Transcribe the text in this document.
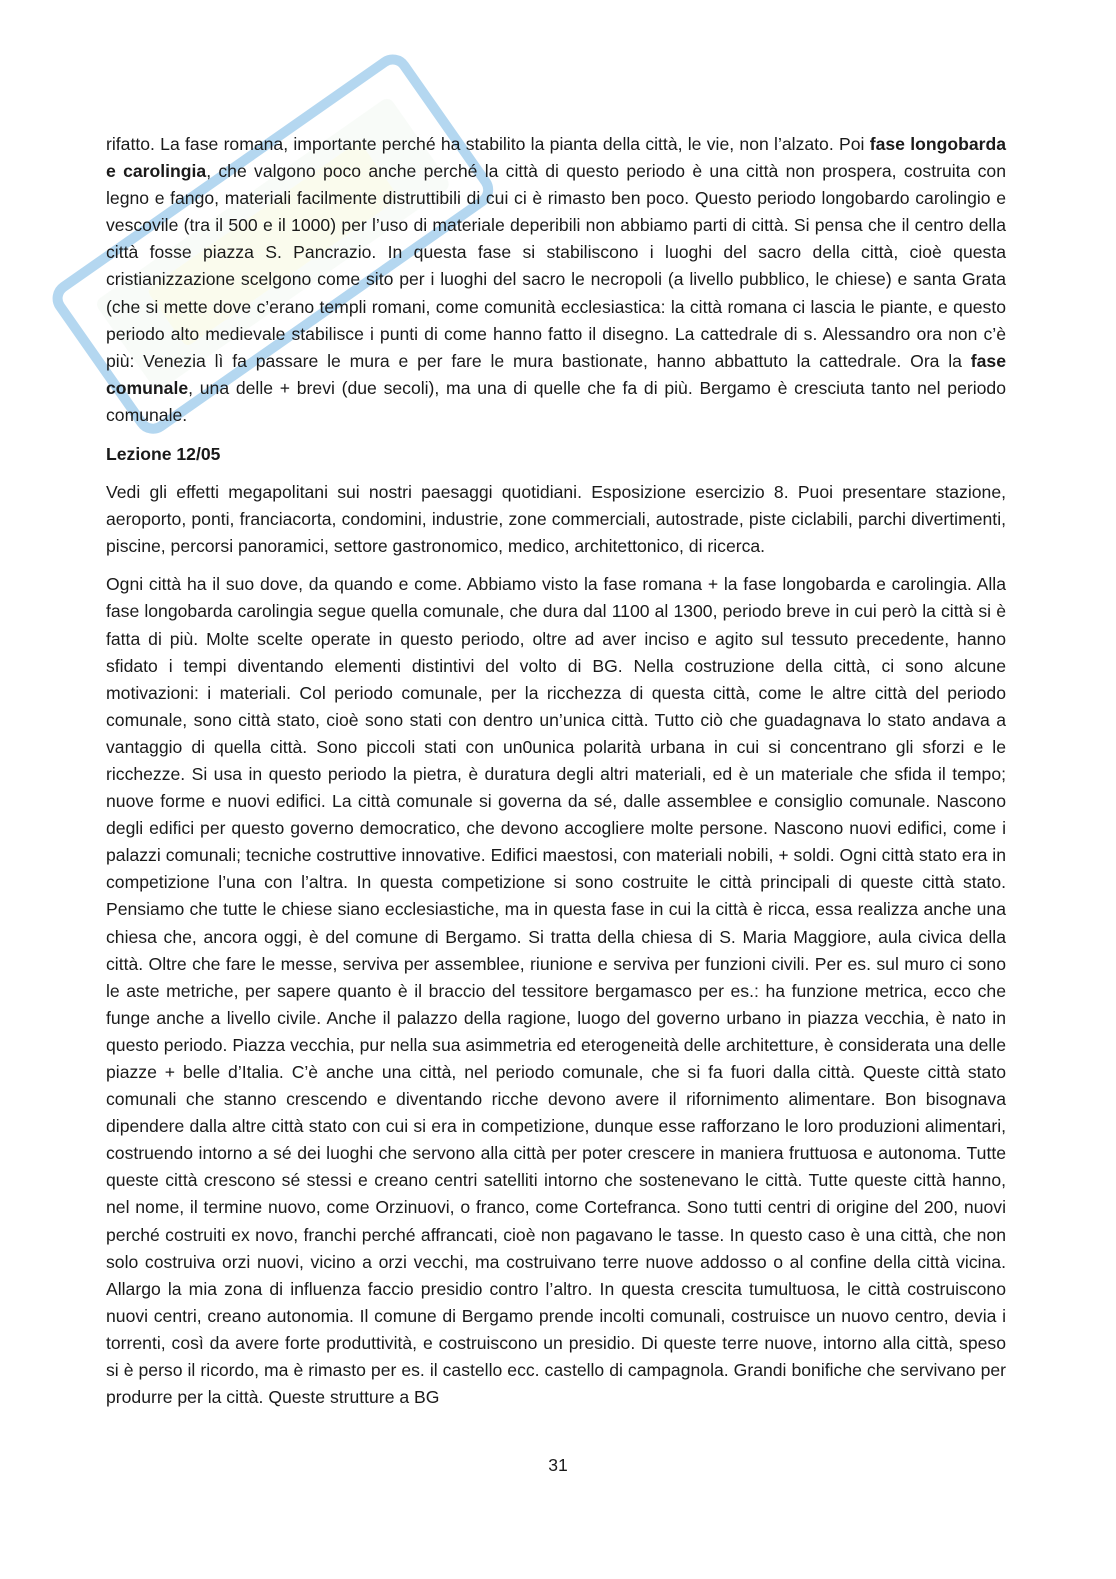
rifatto. La fase romana, importante perché ha stabilito la pianta della città, le vie, non l’alzato. Poi fase longobarda e carolingia, che valgono poco anche perché la città di questo periodo è una città non prospera, costruita con legno e fango, materiali facilmente distruttibili di cui ci è rimasto ben poco. Questo periodo longobardo carolingio e vescovile (tra il 500 e il 1000) per l’uso di materiale deperibili non abbiamo parti di città. Si pensa che il centro della città fosse piazza S. Pancrazio. In questa fase si stabiliscono i luoghi del sacro della città, cioè questa cristianizzazione scelgono come sito per i luoghi del sacro le necropoli (a livello pubblico, le chiese) e santa Grata (che si mette dove c’erano templi romani, come comunità ecclesiastica: la città romana ci lascia le piante, e questo periodo alto medievale stabilisce i punti di come hanno fatto il disegno. La cattedrale di s. Alessandro ora non c’è più: Venezia lì fa passare le mura e per fare le mura bastionate, hanno abbattuto la cattedrale. Ora la fase comunale, una delle + brevi (due secoli), ma una di quelle che fa di più. Bergamo è cresciuta tanto nel periodo comunale.

Lezione 12/05

Vedi gli effetti megapolitani sui nostri paesaggi quotidiani. Esposizione esercizio 8. Puoi presentare stazione, aeroporto, ponti, franciacorta, condomini, industrie, zone commerciali, autostrade, piste ciclabili, parchi divertimenti, piscine, percorsi panoramici, settore gastronomico, medico, architettonico, di ricerca.

Ogni città ha il suo dove, da quando e come. Abbiamo visto la fase romana + la fase longobarda e carolingia. Alla fase longobarda carolingia segue quella comunale, che dura dal 1100 al 1300, periodo breve in cui però la città si è fatta di più. Molte scelte operate in questo periodo, oltre ad aver inciso e agito sul tessuto precedente, hanno sfidato i tempi diventando elementi distintivi del volto di BG. Nella costruzione della città, ci sono alcune motivazioni: i materiali. Col periodo comunale, per la ricchezza di questa città, come le altre città del periodo comunale, sono città stato, cioè sono stati con dentro un’unica città. Tutto ciò che guadagnava lo stato andava a vantaggio di quella città. Sono piccoli stati con un0unica polarità urbana in cui si concentrano gli sforzi e le ricchezze. Si usa in questo periodo la pietra, è duratura degli altri materiali, ed è un materiale che sfida il tempo; nuove forme e nuovi edifici. La città comunale si governa da sé, dalle assemblee e consiglio comunale. Nascono degli edifici per questo governo democratico, che devono accogliere molte persone. Nascono nuovi edifici, come i palazzi comunali; tecniche costruttive innovative. Edifici maestosi, con materiali nobili, + soldi. Ogni città stato era in competizione l’una con l’altra. In questa competizione si sono costruite le città principali di queste città stato. Pensiamo che tutte le chiese siano ecclesiastiche, ma in questa fase in cui la città è ricca, essa realizza anche una chiesa che, ancora oggi, è del comune di Bergamo. Si tratta della chiesa di S. Maria Maggiore, aula civica della città. Oltre che fare le messe, serviva per assemblee, riunione e serviva per funzioni civili. Per es. sul muro ci sono le aste metriche, per sapere quanto è il braccio del tessitore bergamasco per es.: ha funzione metrica, ecco che funge anche a livello civile. Anche il palazzo della ragione, luogo del governo urbano in piazza vecchia, è nato in questo periodo. Piazza vecchia, pur nella sua asimmetria ed eterogeneità delle architetture, è considerata una delle piazze + belle d’Italia. C’è anche una città, nel periodo comunale, che si fa fuori dalla città. Queste città stato comunali che stanno crescendo e diventando ricche devono avere il rifornimento alimentare. Bon bisognava dipendere dalla altre città stato con cui si era in competizione, dunque esse rafforzano le loro produzioni alimentari, costruendo intorno a sé dei luoghi che servono alla città per poter crescere in maniera fruttuosa e autonoma. Tutte queste città crescono sé stessi e creano centri satelliti intorno che sostenevano le città. Tutte queste città hanno, nel nome, il termine nuovo, come Orzinuovi, o franco, come Cortefranca. Sono tutti centri di origine del 200, nuovi perché costruiti ex novo, franchi perché affrancati, cioè non pagavano le tasse. In questo caso è una città, che non solo costruiva orzi nuovi, vicino a orzi vecchi, ma costruivano terre nuove addosso o al confine della città vicina. Allargo la mia zona di influenza faccio presidio contro l’altro. In questa crescita tumultuosa, le città costruiscono nuovi centri, creano autonomia. Il comune di Bergamo prende incolti comunali, costruisce un nuovo centro, devia i torrenti, così da avere forte produttività, e costruiscono un presidio. Di queste terre nuove, intorno alla città, speso si è perso il ricordo, ma è rimasto per es. il castello ecc. castello di campagnola. Grandi bonifiche che servivano per produrre per la città. Queste strutture a BG

31
